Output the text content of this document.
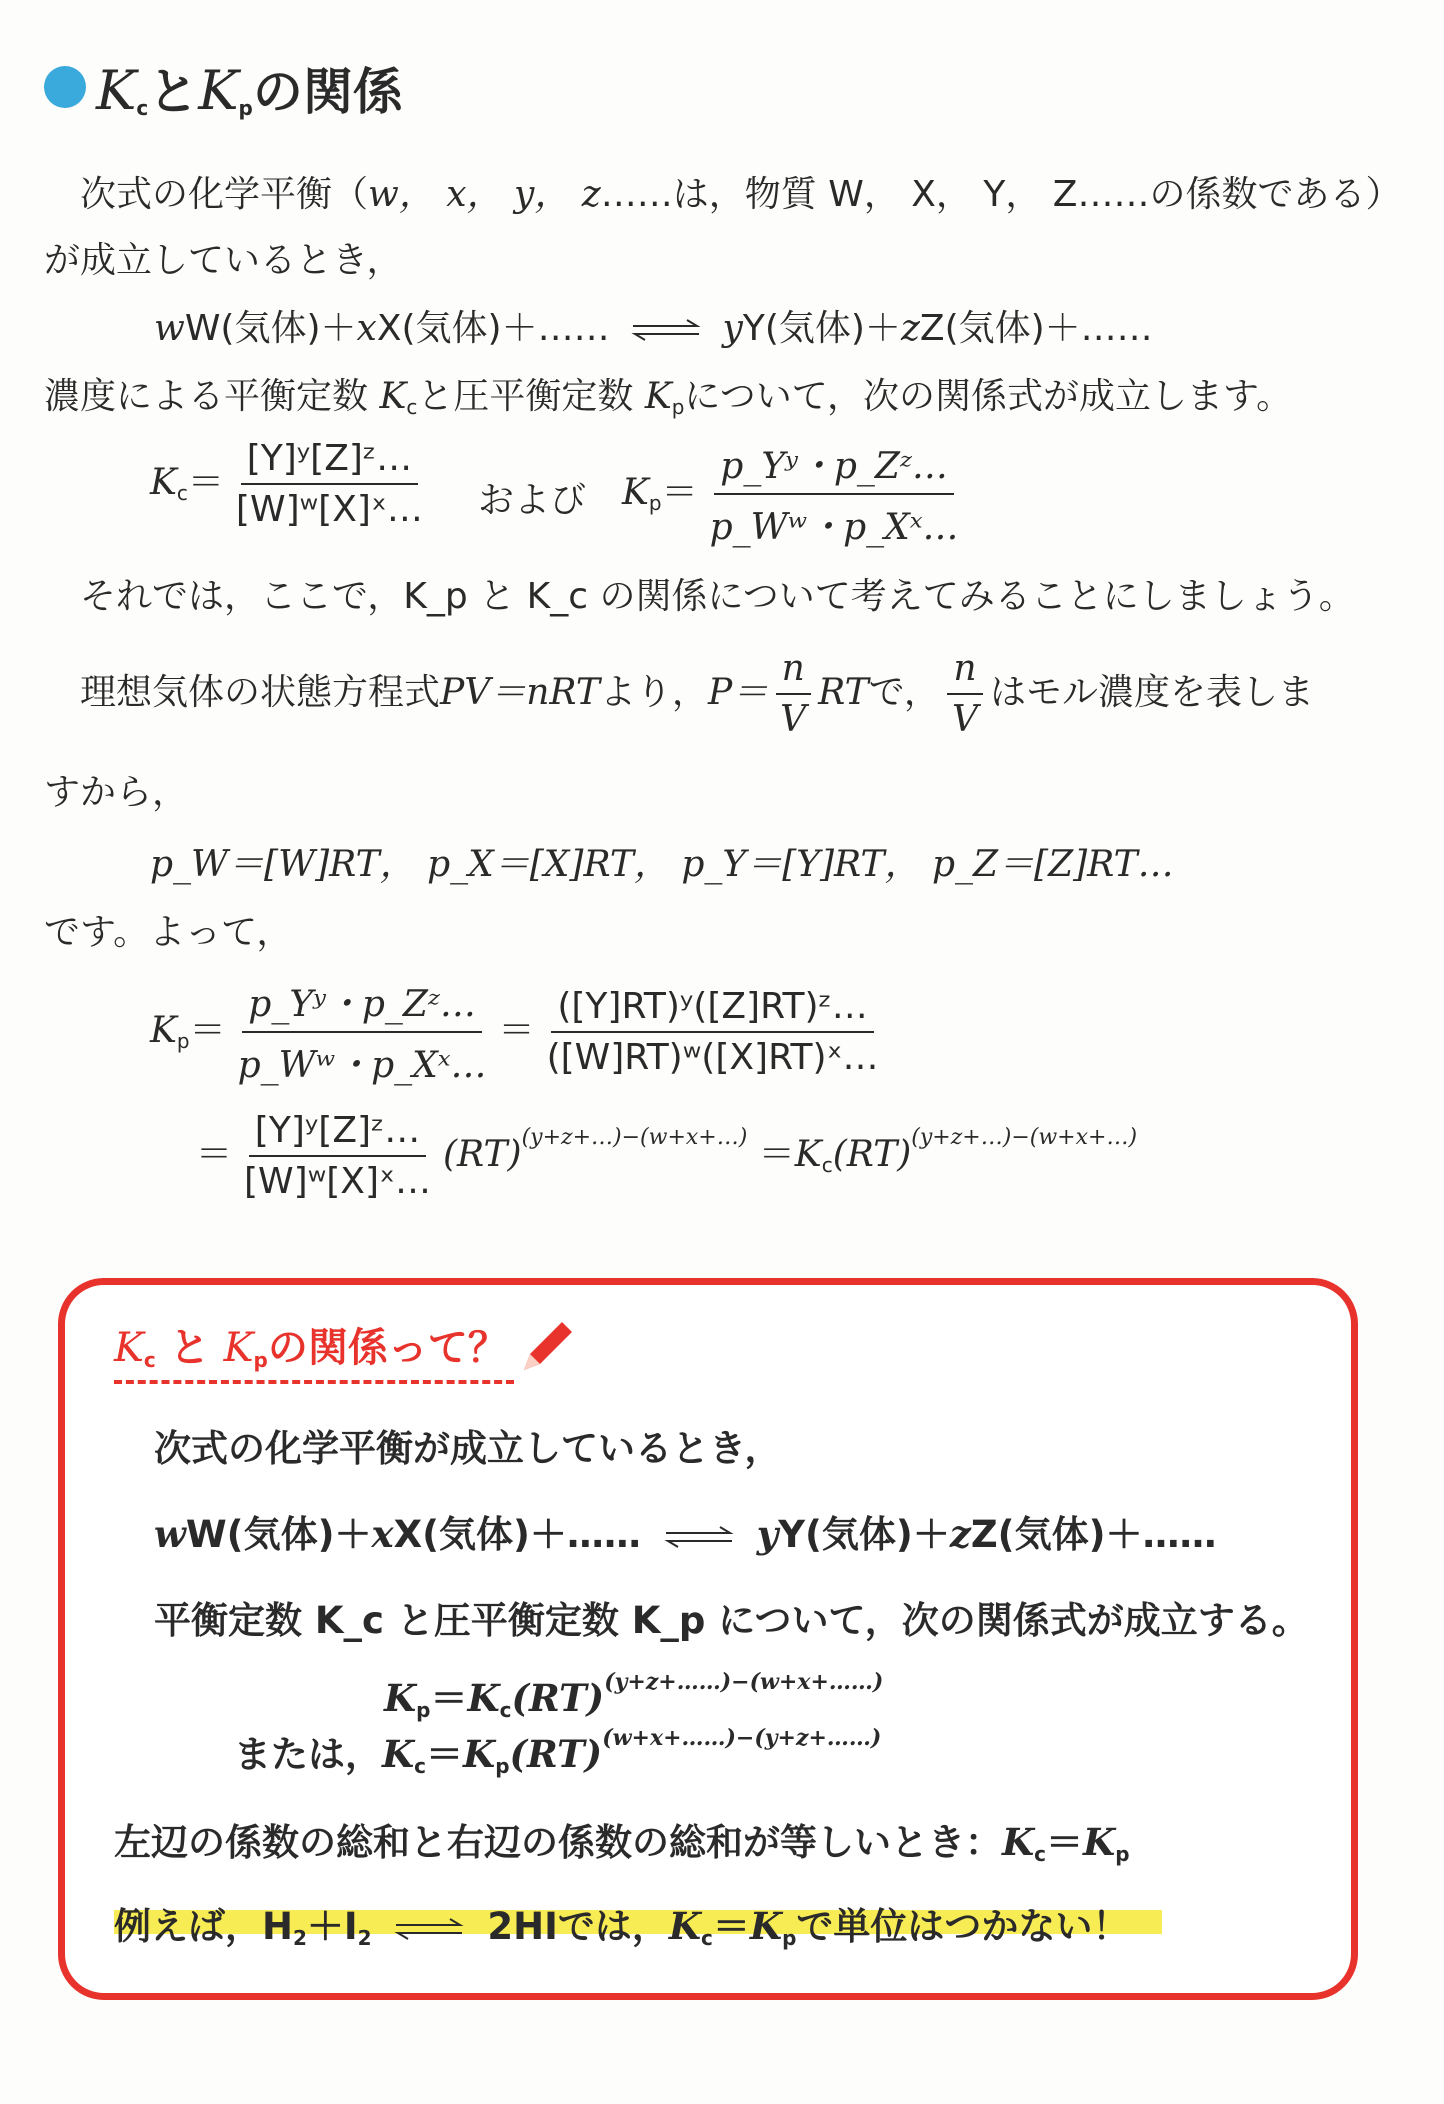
$K_c$と$K_p$の関係
次式の化学平衡（w， x， y， z……は，物質 W， X， Y， Z……の係数である）
が成立しているとき，
wW(気体)＋xX(気体)＋…… ⇌ yY(気体)＋zZ(気体)＋……
濃度による平衡定数 $K_c$と圧平衡定数 $K_p$について，次の関係式が成立します。
$K_c= \frac{\text{[Y]ʸ[Z]ᶻ…}}{\text{[W]ʷ[X]ˣ…}}$ および $K_p= \frac{\text{p\_Yʸ・p\_Zᶻ…}}{\text{p\_Wʷ・p\_Xˣ…}}$
それでは，ここで，K_p と K_c の関係について考えてみることにしましょう。
理想気体の状態方程式PV＝nRTより，$P= \frac{n}{V}$ RTで， $\frac{n}{V}$ はモル濃度を表しま
すから，
p_W＝[W]RT， p_X＝[X]RT， p_Y＝[Y]RT， p_Z＝[Z]RT…
です。よって，
$K_p= \frac{\text{p\_Yʸ・p\_Zᶻ…}}{\text{p\_Wʷ・p\_Xˣ…}} = \frac{\text{([Y]RT)ʸ([Z]RT)ᶻ…}}{\text{([W]RT)ʷ([X]RT)ˣ…}}$
＝ $\frac{\text{[Y]ʸ[Z]ᶻ…}}{\text{[W]ʷ[X]ˣ…}} (RT)^{(y+z+\dots)-(w+x+\dots)} =K_c(RT)^{(y+z+\dots)-(w+x+\dots)}$
$K_c$ と $K_p$の関係って？
次式の化学平衡が成立しているとき，
wW(気体)＋xX(気体)＋…… ⇌ yY(気体)＋zZ(気体)＋……
平衡定数 K_c と圧平衡定数 K_p について，次の関係式が成立する。
$K_p=K_c(RT)^{(y+z+\dots\dots)-(w+x+\dots\dots)}$
または，$K_c=K_p(RT)^{(w+x+\dots\dots)-(y+z+\dots\dots)}$
左辺の係数の総和と右辺の係数の総和が等しいとき：$K_c=K_p$
例えば，$H_2+I_2$ ⇌ 2HIでは，$K_c=K_p$で単位はつかない！
